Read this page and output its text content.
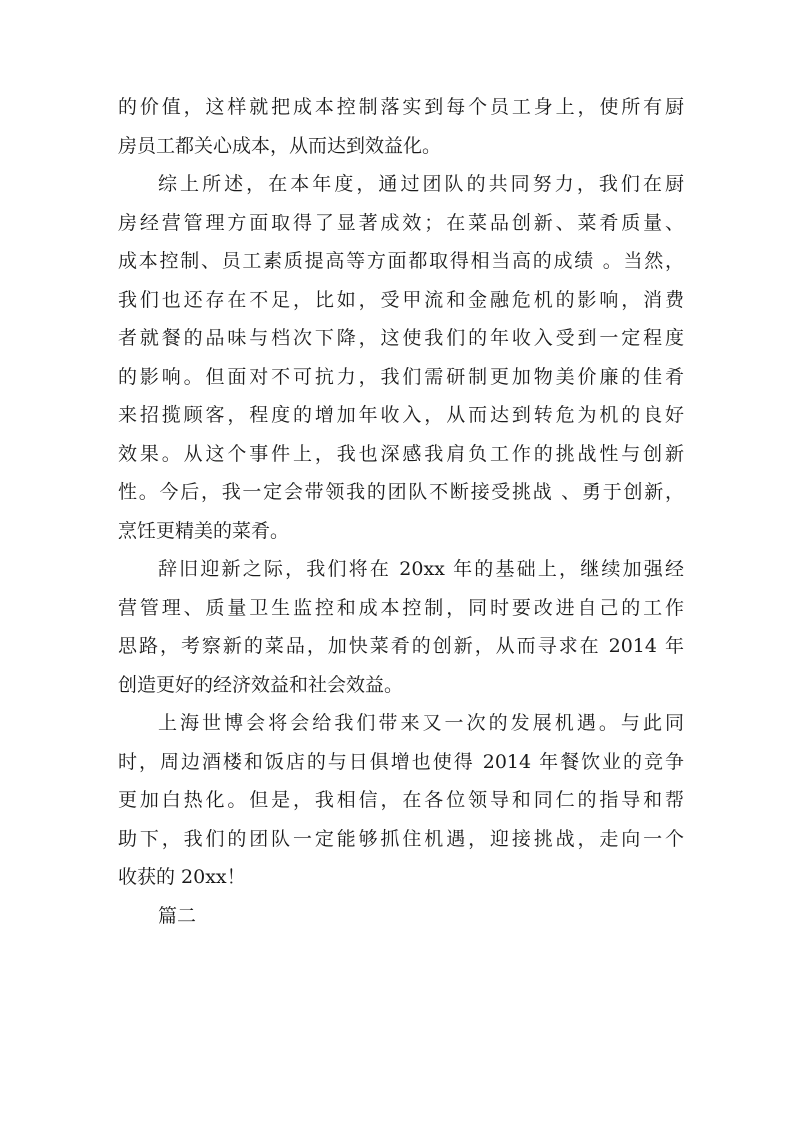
的价值，这样就把成本控制落实到每个员工身上，使所有厨
房员工都关心成本，从而达到效益化。
综上所述，在本年度，通过团队的共同努力，我们在厨
房经营管理方面取得了显著成效；在菜品创新、菜肴质量、
成本控制、员工素质提高等方面都取得相当高的成绩 。当然，
我们也还存在不足，比如，受甲流和金融危机的影响，消费
者就餐的品味与档次下降，这使我们的年收入受到一定程度
的影响。但面对不可抗力，我们需研制更加物美价廉的佳肴
来招揽顾客，程度的增加年收入，从而达到转危为机的良好
效果。从这个事件上，我也深感我肩负工作的挑战性与创新
性。今后，我一定会带领我的团队不断接受挑战 、勇于创新，
烹饪更精美的菜肴。
辞旧迎新之际，我们将在 20xx 年的基础上，继续加强经
营管理、质量卫生监控和成本控制，同时要改进自己的工作
思路，考察新的菜品，加快菜肴的创新，从而寻求在 2014 年
创造更好的经济效益和社会效益。
上海世博会将会给我们带来又一次的发展机遇。与此同
时，周边酒楼和饭店的与日俱增也使得 2014 年餐饮业的竞争
更加白热化。但是，我相信，在各位领导和同仁的指导和帮
助下，我们的团队一定能够抓住机遇，迎接挑战，走向一个
收获的 20xx！
篇二
